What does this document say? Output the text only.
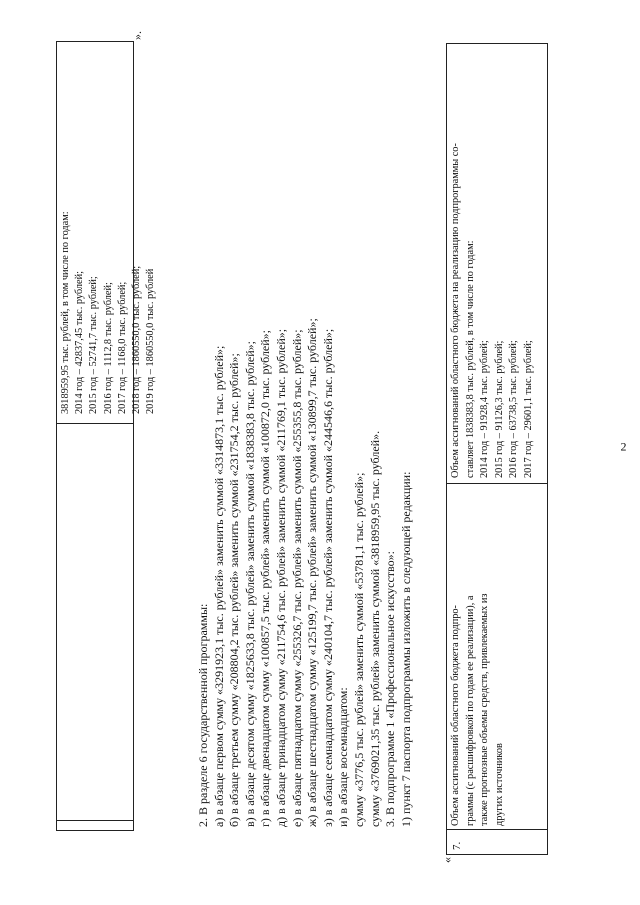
2
3818959,95 тыс. рублей, в том числе по годам: 2014 год – 42837,45 тыс. рублей; 2015 год – 52741,7 тыс. рублей; 2016 год – 1112,8 тыс. рублей; 2017 год – 1168,0 тыс. рублей; 2018 год – 1860550,0 тыс. рублей; 2019 год – 1860550,0 тыс. рублей
».
2. В разделе 6 государственной программы: а) в абзаце первом сумму «3291923,1 тыс. рублей» заменить суммой «3314873,1 тыс. рублей»; б) в абзаце третьем сумму «208804,2 тыс. рублей» заменить суммой «231754,2 тыс. рублей»; в) в абзаце десятом сумму «1825633,8 тыс. рублей» заменить суммой «1838383,8 тыс. рублей»; г) в абзаце двенадцатом сумму «100857,5 тыс. рублей» заменить суммой «100872,0 тыс. рублей»; д) в абзаце тринадцатом сумму «211754,6 тыс. рублей» заменить суммой «211769,1 тыс. рублей»; е) в абзаце пятнадцатом сумму «255326,7 тыс. рублей» заменить суммой «255355,8 тыс. рублей»; ж) в абзаце шестнадцатом сумму «125199,7 тыс. рублей» заменить суммой «130899,7 тыс. рублей»; з) в абзаце семнадцатом сумму «240104,7 тыс. рублей» заменить суммой «244546,6 тыс. рублей»; и) в абзаце восемнадцатом: сумму «3776,5 тыс. рублей» заменить суммой «53781,1 тыс. рублей»; сумму «3769021,35 тыс. рублей» заменить суммой «3818959,95 тыс. рублей». 3. В подпрограмме 1 «Профессиональное искусство»: 1) пункт 7 паспорта подпрограммы изложить в следующей редакции:
«
7.
Объем ассигнований областного бюджета подпро- граммы (с расшифровкой по годам ее реализации), а также прогнозные объемы средств, привлекаемых из других источников
Объем ассигнований областного бюджета на реализацию подпрограммы со- ставляет 1838383,8 тыс. рублей, в том числе по годам: 2014 год – 91928,4 тыс. рублей; 2015 год – 91126,3 тыс. рублей; 2016 год – 63738,5 тыс. рублей; 2017 год – 29601,1 тыс. рублей;
